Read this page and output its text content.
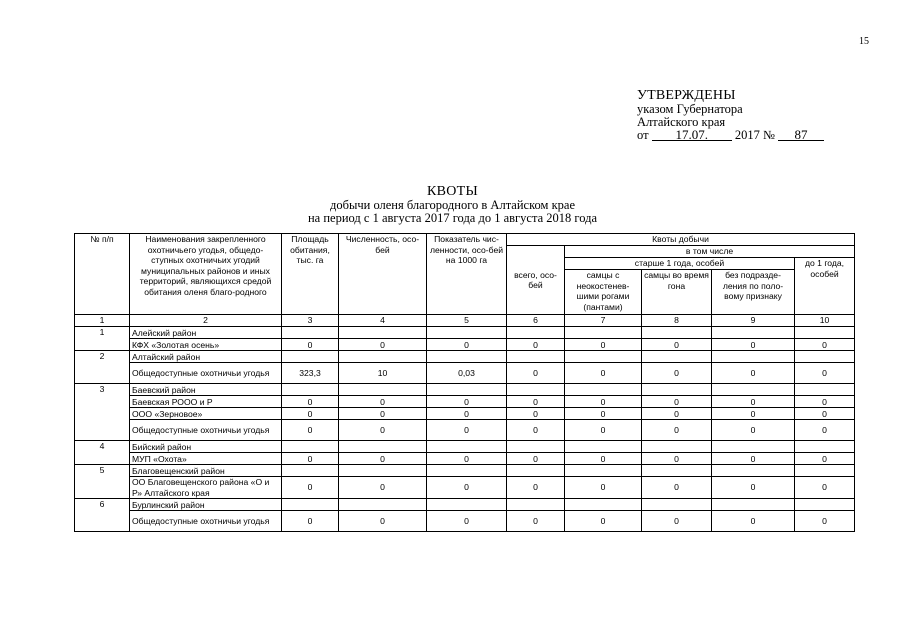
15
УТВЕРЖДЕНЫ
указом Губернатора
Алтайского края
от 17.07. 2017 № 87
КВОТЫ
добычи оленя благородного в Алтайском крае
на период с 1 августа 2017 года до 1 августа 2018 года
№ п/п	Наименования закрепленного охотничьего угодья, общедо-ступных охотничьих угодий муниципальных районов и иных территорий, являющихся средой обитания оленя благо-родного	Площадь обитания, тыс. га	Численность, осо-бей	Показатель чис-ленности, осо-бей на 1000 га	Квоты добычи				
					всего, осо-бей	в том числе			
						старше 1 года, особей			до 1 года, особей
						самцы с неокостенев-шими рогами (пантами)	самцы во время гона	без подразде-ления по поло-вому признаку	
1	2	3	4	5	6	7	8	9	10
1	Алейский район								
	КФХ «Золотая осень»	0	0	0	0	0	0	0	0
2	Алтайский район								
	Общедоступные охотничьи угодья	323,3	10	0,03	0	0	0	0	0
3	Баевский район								
	Баевская РООО и Р	0	0	0	0	0	0	0	0
	ООО «Зерновое»	0	0	0	0	0	0	0	0
	Общедоступные охотничьи угодья	0	0	0	0	0	0	0	0
4	Бийский район								
	МУП «Охота»	0	0	0	0	0	0	0	0
5	Благовещенский район								
	ОО Благовещенского района «О и Р» Алтайского края	0	0	0	0	0	0	0	0
6	Бурлинский район								
	Общедоступные охотничьи угодья	0	0	0	0	0	0	0	0
